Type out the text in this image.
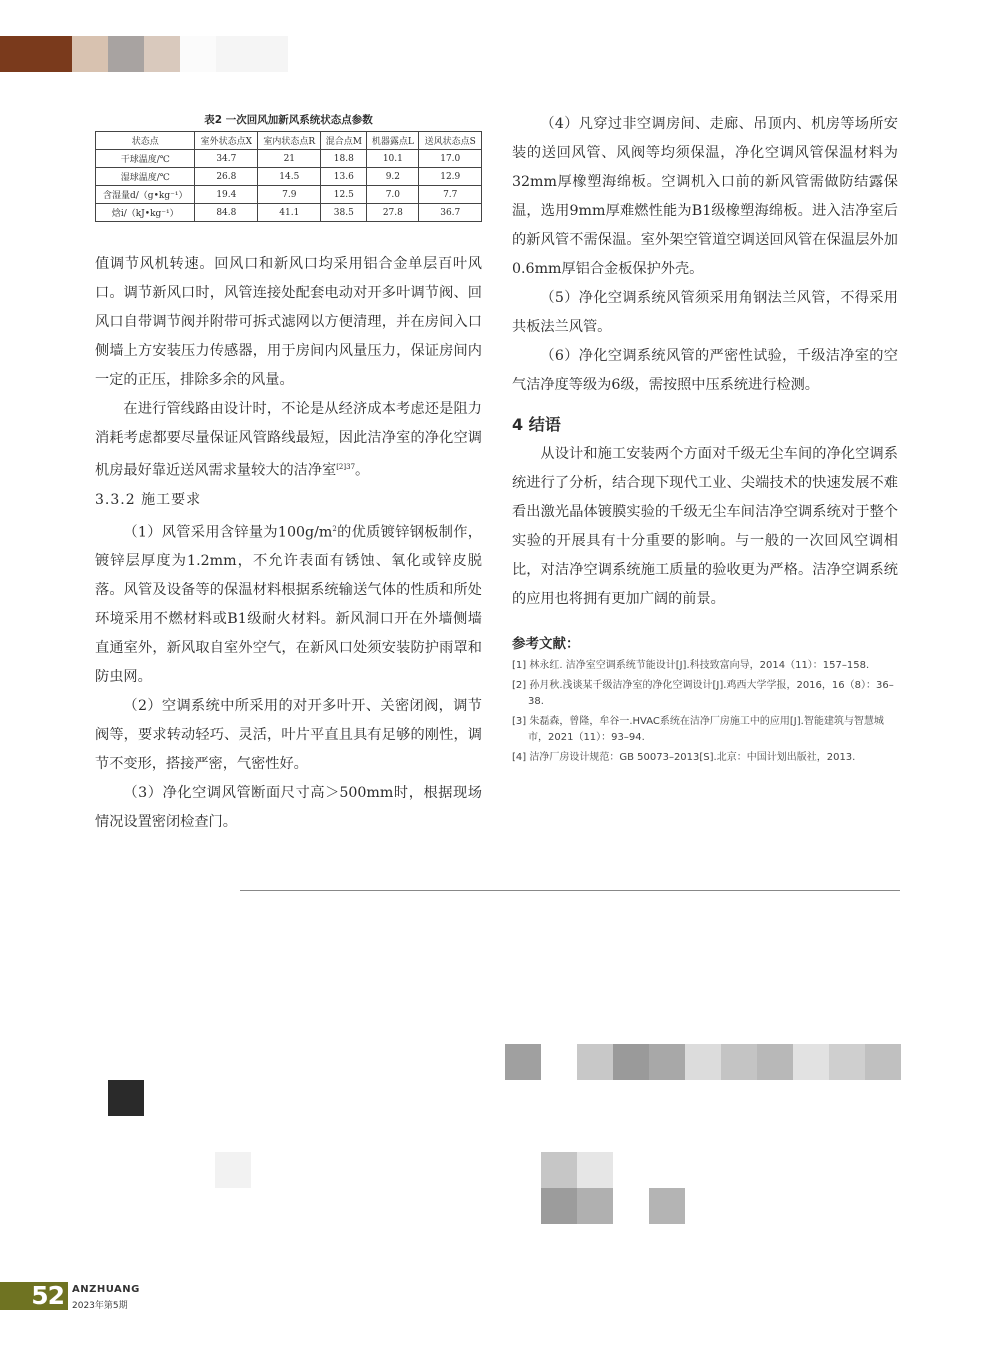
表2 一次回风加新风系统状态点参数
状态点	室外状态点X	室内状态点R	混合点M	机器露点L	送风状态点S
干球温度/℃	34.7	21	18.8	10.1	17.0
湿球温度/℃	26.8	14.5	13.6	9.2	12.9
含湿量d/（g•kg⁻¹）	19.4	7.9	12.5	7.0	7.7
焓i/（kJ•kg⁻¹）	84.8	41.1	38.5	27.8	36.7

值调节风机转速。回风口和新风口均采用铝合金单层百叶风口。调节新风口时，风管连接处配套电动对开多叶调节阀、回风口自带调节阀并附带可拆式滤网以方便清理，并在房间入口侧墙上方安装压力传感器，用于房间内风量压力，保证房间内一定的正压，排除多余的风量。

在进行管线路由设计时，不论是从经济成本考虑还是阻力消耗考虑都要尽量保证风管路线最短，因此洁净室的净化空调机房最好靠近送风需求量较大的洁净室$^{[2]37}$。

3.3.2 施工要求

（1）风管采用含锌量为$100g/m^2$的优质镀锌钢板制作，镀锌层厚度为1.2mm，不允许表面有锈蚀、氧化或锌皮脱落。风管及设备等的保温材料根据系统输送气体的性质和所处环境采用不燃材料或B1级耐火材料。新风洞口开在外墙侧墙直通室外，新风取自室外空气，在新风口处须安装防护雨罩和防虫网。

（2）空调系统中所采用的对开多叶开、关密闭阀，调节阀等，要求转动轻巧、灵活，叶片平直且具有足够的刚性，调节不变形，搭接严密，气密性好。

（3）净化空调风管断面尺寸高＞500mm时，根据现场情况设置密闭检查门。

（4）凡穿过非空调房间、走廊、吊顶内、机房等场所安装的送回风管、风阀等均须保温，净化空调风管保温材料为32mm厚橡塑海绵板。空调机入口前的新风管需做防结露保温，选用9mm厚难燃性能为B1级橡塑海绵板。进入洁净室后的新风管不需保温。室外架空管道空调送回风管在保温层外加0.6mm厚铝合金板保护外壳。

（5）净化空调系统风管须采用角钢法兰风管，不得采用共板法兰风管。

（6）净化空调系统风管的严密性试验，千级洁净室的空气洁净度等级为6级，需按照中压系统进行检测。

4 结语

从设计和施工安装两个方面对千级无尘车间的净化空调系统进行了分析，结合现下现代工业、尖端技术的快速发展不难看出激光晶体镀膜实验的千级无尘车间洁净空调系统对于整个实验的开展具有十分重要的影响。与一般的一次回风空调相比，对洁净空调系统施工质量的验收更为严格。洁净空调系统的应用也将拥有更加广阔的前景。

参考文献：
[1] 林永红. 洁净室空调系统节能设计[J].科技致富向导，2014（11）：157–158.
[2] 孙月秋.浅谈某千级洁净室的净化空调设计[J].鸡西大学学报，2016，16（8）：36–38.
[3] 朱磊森，曾隆，牟谷一.HVAC系统在洁净厂房施工中的应用[J].智能建筑与智慧城市，2021（11）：93–94.
[4] 洁净厂房设计规范：GB 50073–2013[S].北京：中国计划出版社，2013.
52 ANZHUANG
2023年第5期
